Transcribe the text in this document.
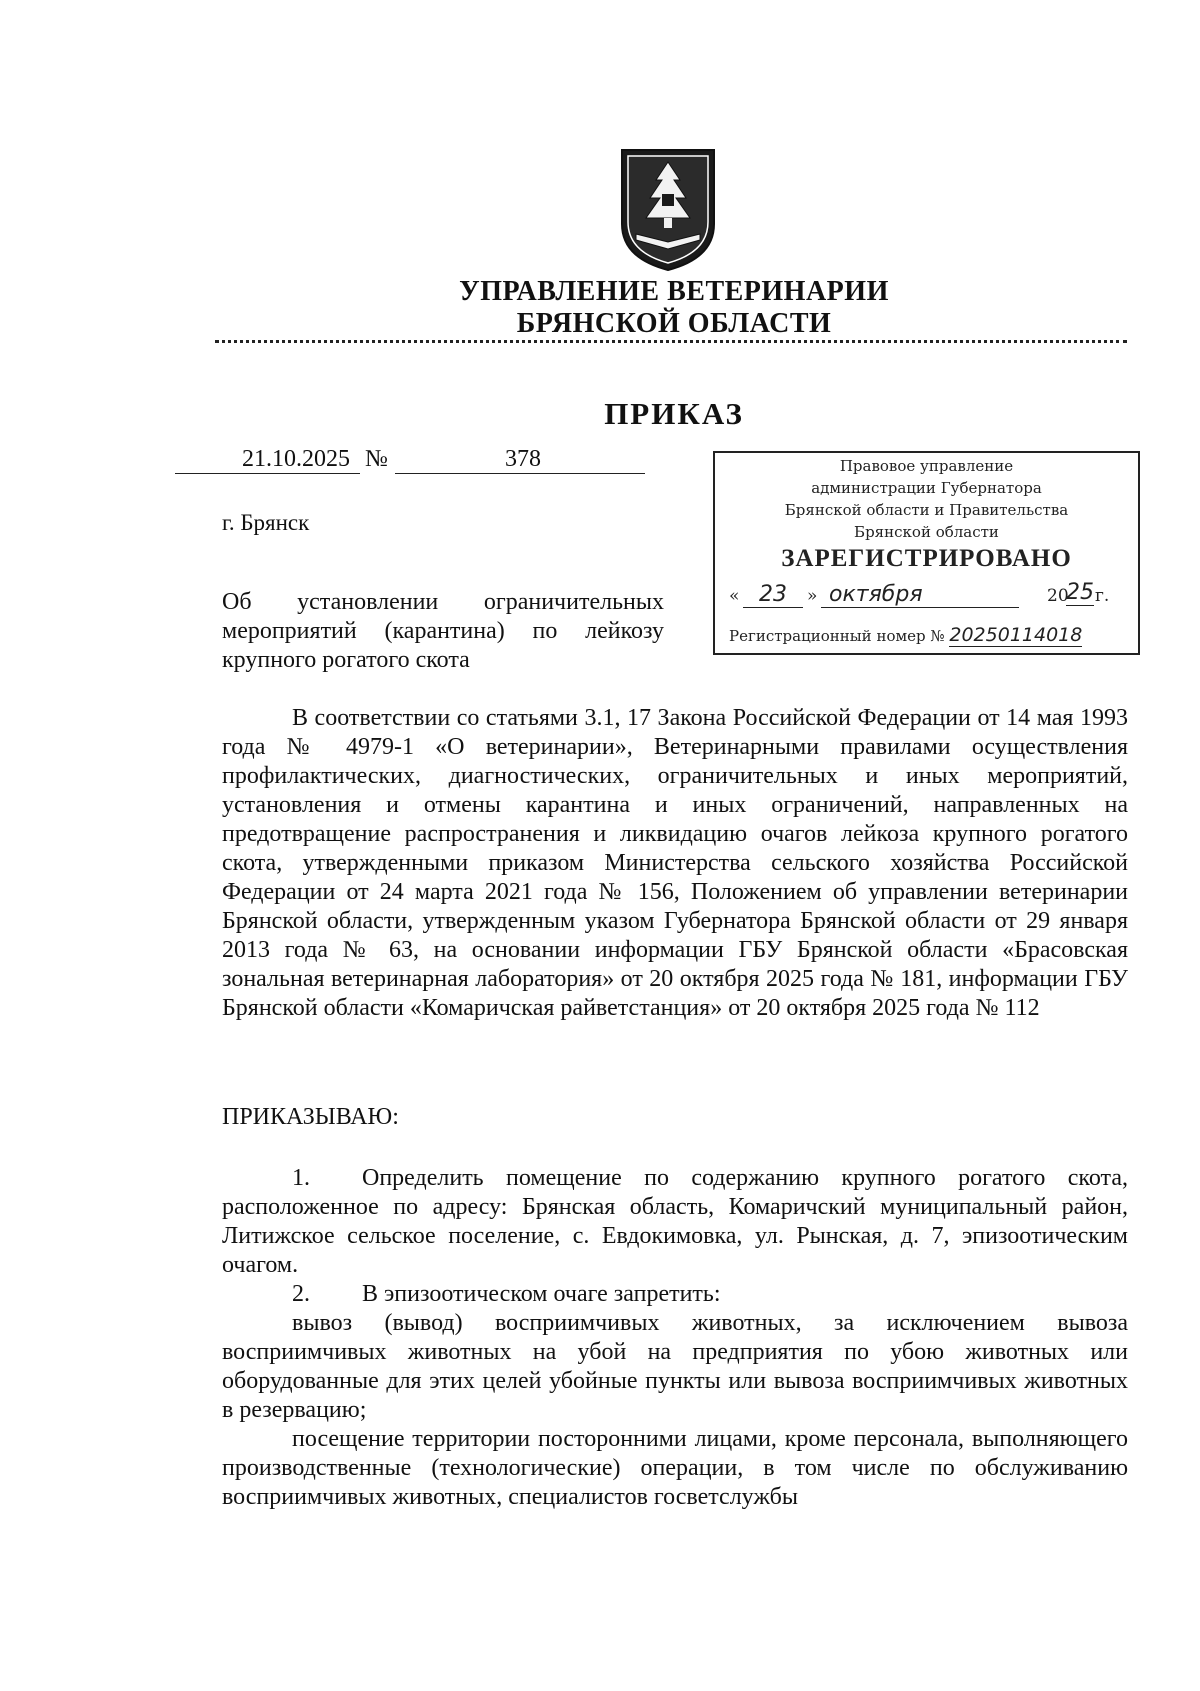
УПРАВЛЕНИЕ ВЕТЕРИНАРИИ
БРЯНСКОЙ ОБЛАСТИ
ПРИКАЗ
21.10.2025 №	378
г. Брянск
Об установлении ограничительных
мероприятий (карантина) по лейкозу
крупного рогатого скота
Правовое управление
администрации Губернатора
Брянской области и Правительства
Брянской области
ЗАРЕГИСТРИРОВАНО
« 23	» октября	20
25 г.
Регистрационный номер № 20250114018
В соответствии со статьями 3.1, 17 Закона Российской Федерации от 14 мая 1993 года № 4979-1 «О ветеринарии», Ветеринарными правилами осуществления профилактических, диагностических, ограничительных и иных мероприятий, установления и отмены карантина и иных ограничений, направленных на предотвращение распространения и ликвидацию очагов лейкоза крупного рогатого скота, утвержденными приказом Министерства сельского хозяйства Российской Федерации от 24 марта 2021 года № 156, Положением об управлении ветеринарии Брянской области, утвержденным указом Губернатора Брянской области от 29 января 2013 года № 63, на основании информации ГБУ Брянской области «Брасовская зональная ветеринарная лаборатория» от 20 октября 2025 года № 181, информации ГБУ Брянской области «Комаричская райветстанция» от 20 октября 2025 года № 112
ПРИКАЗЫВАЮ:

1. Определить помещение по содержанию крупного рогатого скота, расположенное по адресу: Брянская область, Комаричский муниципальный район, Литижское сельское поселение, с. Евдокимовка, ул. Рынская, д. 7, эпизоотическим очагом.

2. В эпизоотическом очаге запретить:

вывоз (вывод) восприимчивых животных, за исключением вывоза восприимчивых животных на убой на предприятия по убою животных или оборудованные для этих целей убойные пункты или вывоза восприимчивых животных в резервацию;

посещение территории посторонними лицами, кроме персонала, выполняющего производственные (технологические) операции, в том числе по обслуживанию восприимчивых животных, специалистов госветслужбы
